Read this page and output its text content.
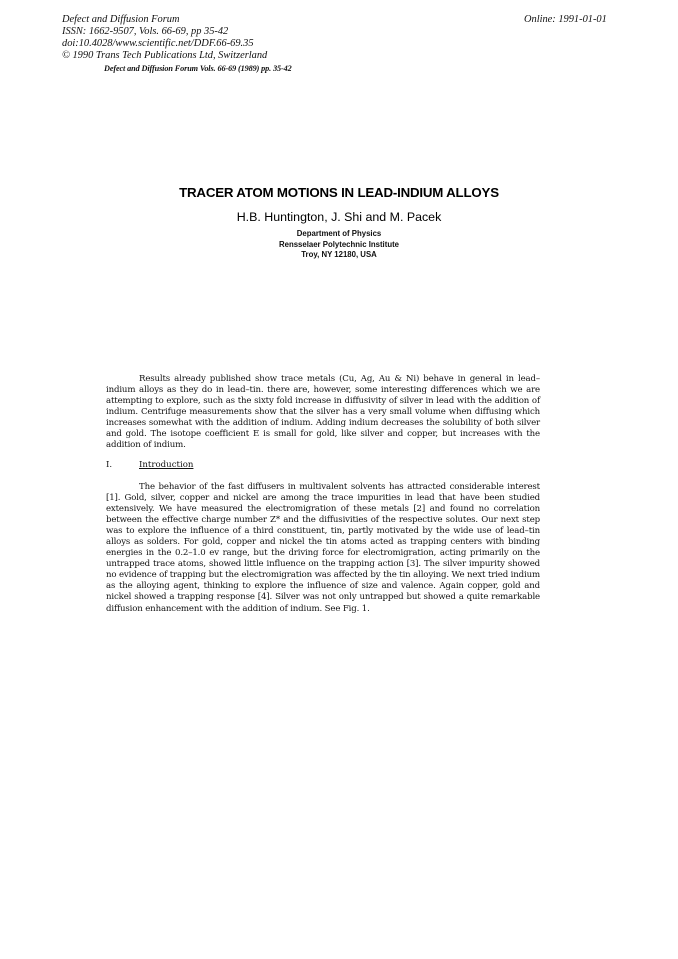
Defect and Diffusion Forum
ISSN: 1662-9507, Vols. 66-69, pp 35-42
doi:10.4028/www.scientific.net/DDF.66-69.35
© 1990 Trans Tech Publications Ltd, Switzerland
Online: 1991-01-01
Defect and Diffusion Forum Vols. 66-69 (1989) pp. 35-42
TRACER ATOM MOTIONS IN LEAD-INDIUM ALLOYS
H.B. Huntington, J. Shi and M. Pacek
Department of Physics
Rensselaer Polytechnic Institute
Troy, NY 12180, USA
Results already published show trace metals (Cu, Ag, Au & Ni) behave in general in lead–indium alloys as they do in lead–tin. there are, however, some interesting differences which we are attempting to explore, such as the sixty fold increase in diffusivity of silver in lead with the addition of indium. Centrifuge measurements show that the silver has a very small volume when diffusing which increases somewhat with the addition of indium. Adding indium decreases the solubility of both silver and gold. The isotope coefficient E is small for gold, like silver and copper, but increases with the addition of indium.
I.	Introduction
The behavior of the fast diffusers in multivalent solvents has attracted considerable interest [1]. Gold, silver, copper and nickel are among the trace impurities in lead that have been studied extensively. We have measured the electromigration of these metals [2] and found no correlation between the effective charge number Z* and the diffusivities of the respective solutes. Our next step was to explore the influence of a third constituent, tin, partly motivated by the wide use of lead–tin alloys as solders. For gold, copper and nickel the tin atoms acted as trapping centers with binding energies in the 0.2–1.0 ev range, but the driving force for electromigration, acting primarily on the untrapped trace atoms, showed little influence on the trapping action [3]. The silver impurity showed no evidence of trapping but the electromigration was affected by the tin alloying. We next tried indium as the alloying agent, thinking to explore the influence of size and valence. Again copper, gold and nickel showed a trapping response [4]. Silver was not only untrapped but showed a quite remarkable diffusion enhancement with the addition of indium. See Fig. 1.
